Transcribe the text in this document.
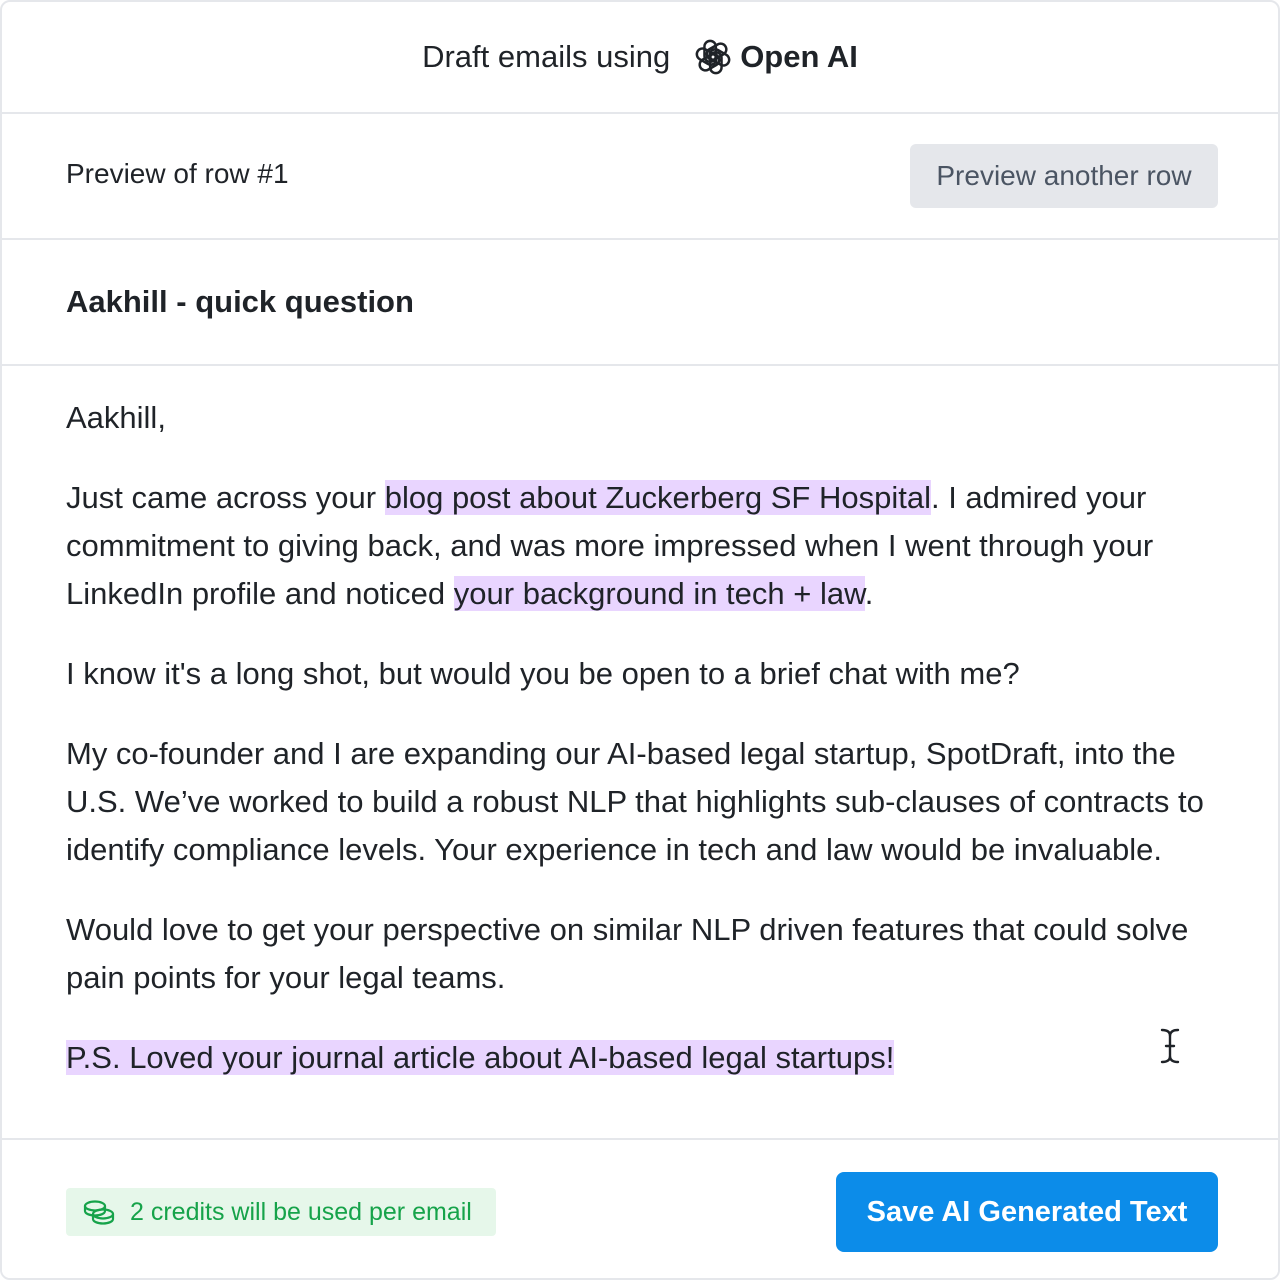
Draft emails using Open AI
Preview of row #1	Preview another row
Aakhill - quick question

Aakhill,

Just came across your blog post about Zuckerberg SF Hospital. I admired your commitment to giving back, and was more impressed when I went through your LinkedIn profile and noticed your background in tech + law.

I know it's a long shot, but would you be open to a brief chat with me?

My co-founder and I are expanding our AI-based legal startup, SpotDraft, into the U.S. We’ve worked to build a robust NLP that highlights sub-clauses of contracts to identify compliance levels. Your experience in tech and law would be invaluable.

Would love to get your perspective on similar NLP driven features that could solve pain points for your legal teams.

P.S. Loved your journal article about AI-based legal startups!

2 credits will be used per email	Save AI Generated Text
